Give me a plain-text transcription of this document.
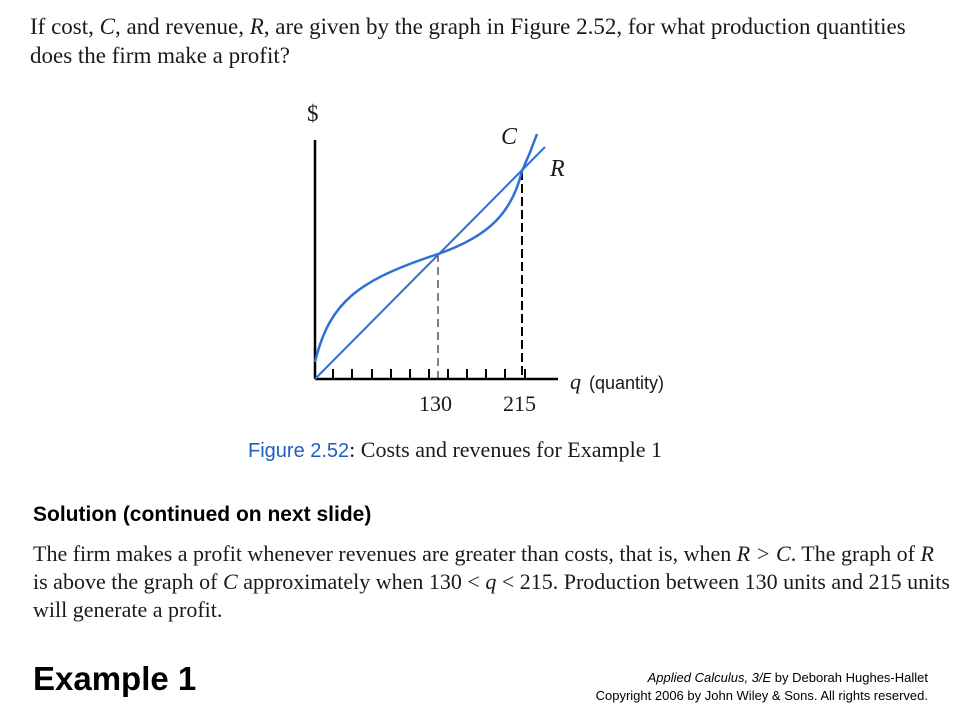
If cost, C, and revenue, R, are given by the graph in Figure 2.52, for what production quantities does the firm make a profit?

$
C
R
130 215
q (quantity)
Figure 2.52: Costs and revenues for Example 1
Solution (continued on next slide)

The firm makes a profit whenever revenues are greater than costs, that is, when R > C. The graph of R is above the graph of C approximately when 130 < q < 215. Production between 130 units and 215 units will generate a profit.

Example 1	Applied Calculus, 3/E by Deborah Hughes-Hallet
Copyright 2006 by John Wiley & Sons. All rights reserved.
